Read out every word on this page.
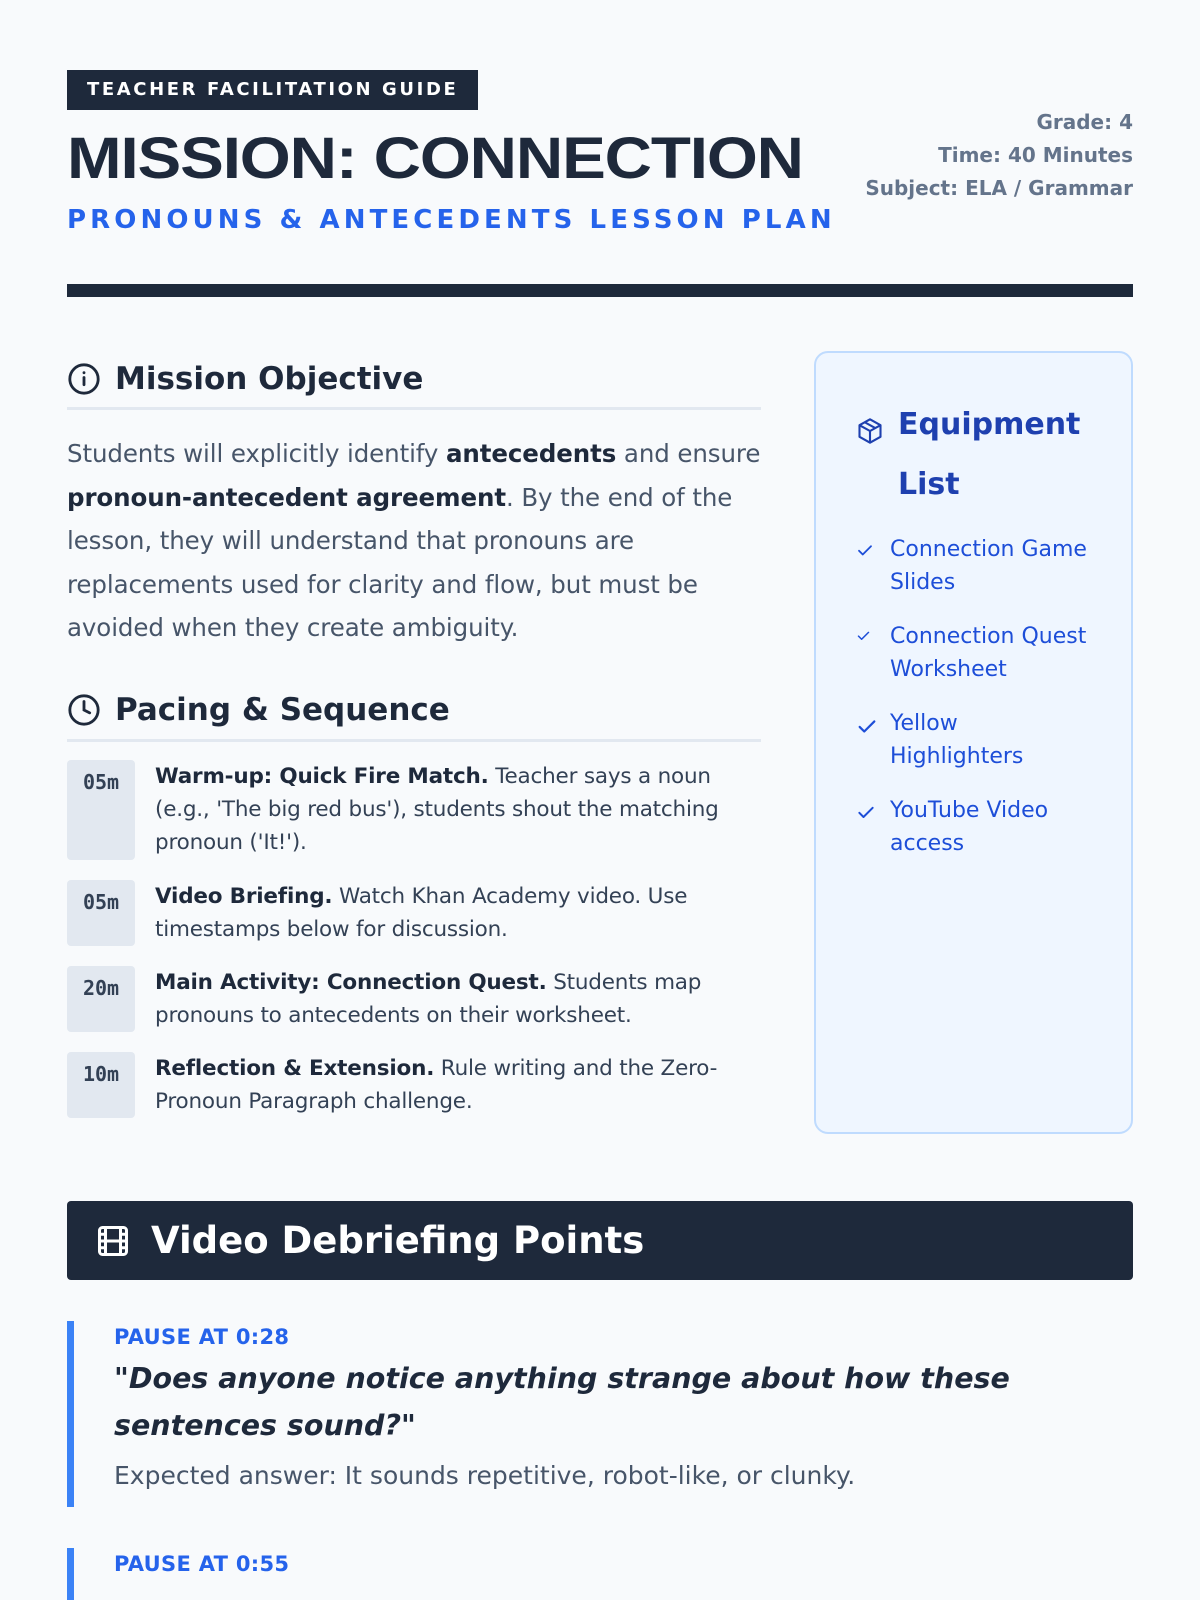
TEACHER FACILITATION GUIDE
MISSION: CONNECTION
PRONOUNS & ANTECEDENTS LESSON PLAN
Grade: 4
Time: 40 Minutes
Subject: ELA / Grammar
Mission Objective

Students will explicitly identify antecedents and ensure pronoun-antecedent agreement. By the end of the lesson, they will understand that pronouns are replacements used for clarity and flow, but must be avoided when they create ambiguity.

Pacing & Sequence
05m	Warm-up: Quick Fire Match. Teacher says a noun (e.g., 'The big red bus'), students shout the matching pronoun ('It!').
05m	Video Briefing. Watch Khan Academy video. Use timestamps below for discussion.
20m	Main Activity: Connection Quest. Students map pronouns to antecedents on their worksheet.
10m	Reflection & Extension. Rule writing and the Zero-Pronoun Paragraph challenge.
Equipment List
Connection Game Slides
Connection Quest Worksheet
Yellow Highlighters
YouTube Video access
Video Debriefing Points
PAUSE AT 0:28
"Does anyone notice anything strange about how these sentences sound?"
Expected answer: It sounds repetitive, robot-like, or clunky.
PAUSE AT 0:55
